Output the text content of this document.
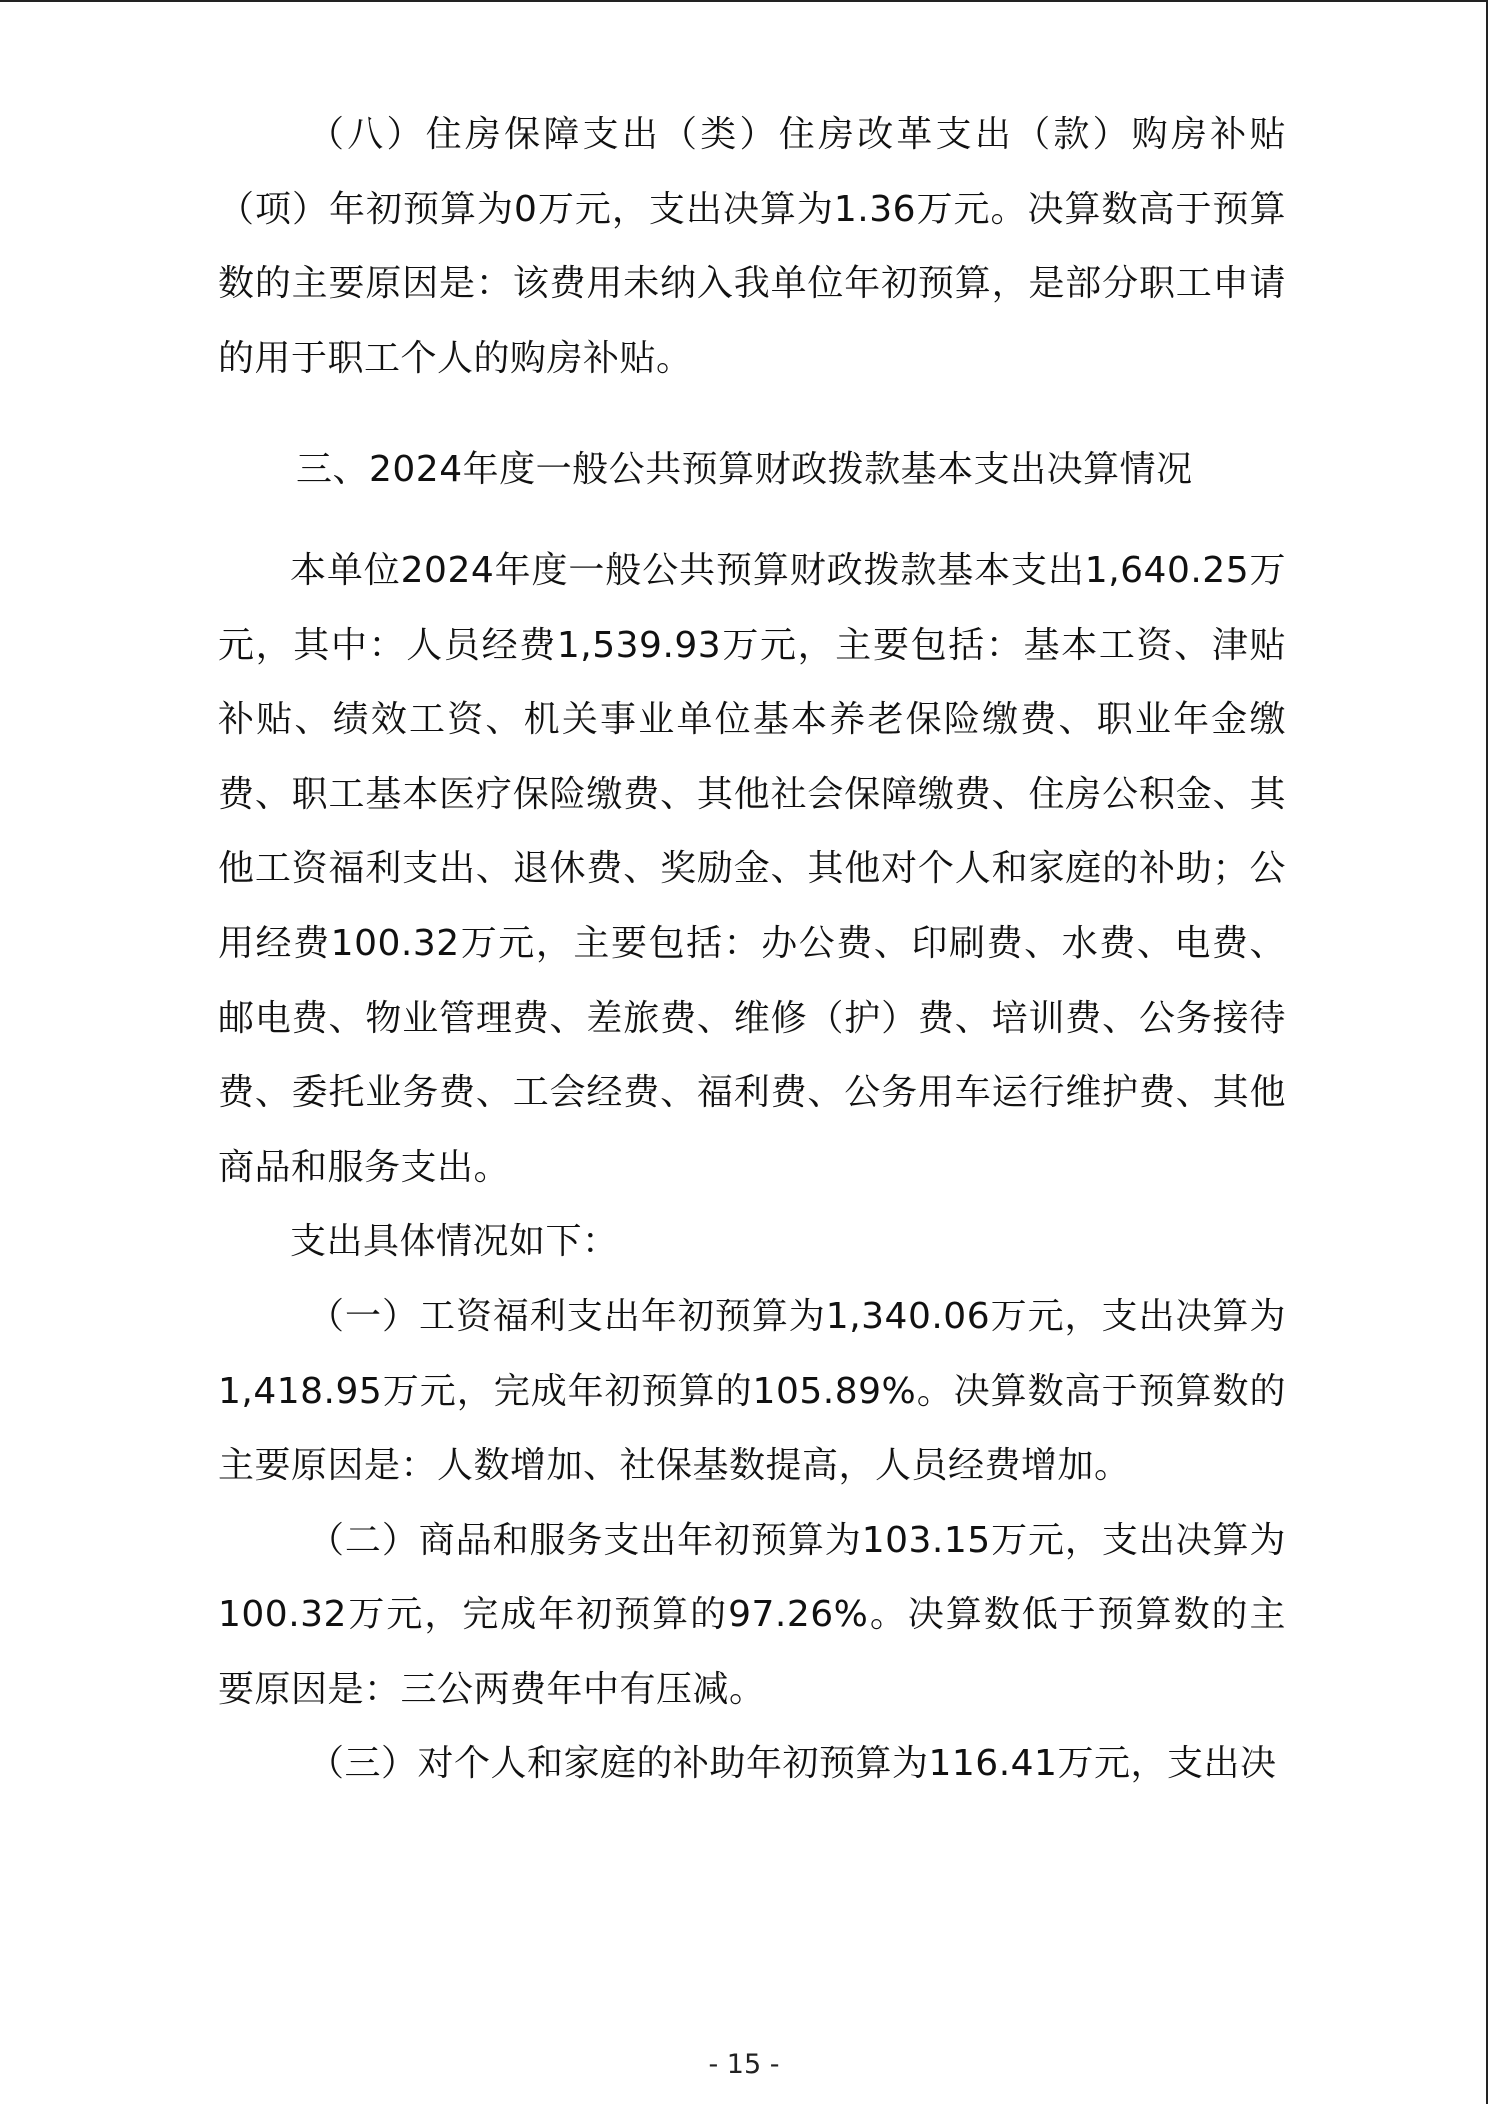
（八）住房保障支出（类）住房改革支出（款）购房补贴（项）年初预算为0万元，支出决算为1.36万元。决算数高于预算数的主要原因是：该费用未纳入我单位年初预算，是部分职工申请的用于职工个人的购房补贴。

三、2024年度一般公共预算财政拨款基本支出决算情况

本单位2024年度一般公共预算财政拨款基本支出1,640.25万元，其中：人员经费1,539.93万元，主要包括：基本工资、津贴补贴、绩效工资、机关事业单位基本养老保险缴费、职业年金缴费、职工基本医疗保险缴费、其他社会保障缴费、住房公积金、其他工资福利支出、退休费、奖励金、其他对个人和家庭的补助；公用经费100.32万元，主要包括：办公费、印刷费、水费、电费、邮电费、物业管理费、差旅费、维修（护）费、培训费、公务接待费、委托业务费、工会经费、福利费、公务用车运行维护费、其他商品和服务支出。

支出具体情况如下：

（一）工资福利支出年初预算为1,340.06万元，支出决算为1,418.95万元，完成年初预算的105.89%。决算数高于预算数的主要原因是：人数增加、社保基数提高，人员经费增加。

（二）商品和服务支出年初预算为103.15万元，支出决算为100.32万元，完成年初预算的97.26%。决算数低于预算数的主要原因是：三公两费年中有压减。

（三）对个人和家庭的补助年初预算为116.41万元，支出决

- 15 -
